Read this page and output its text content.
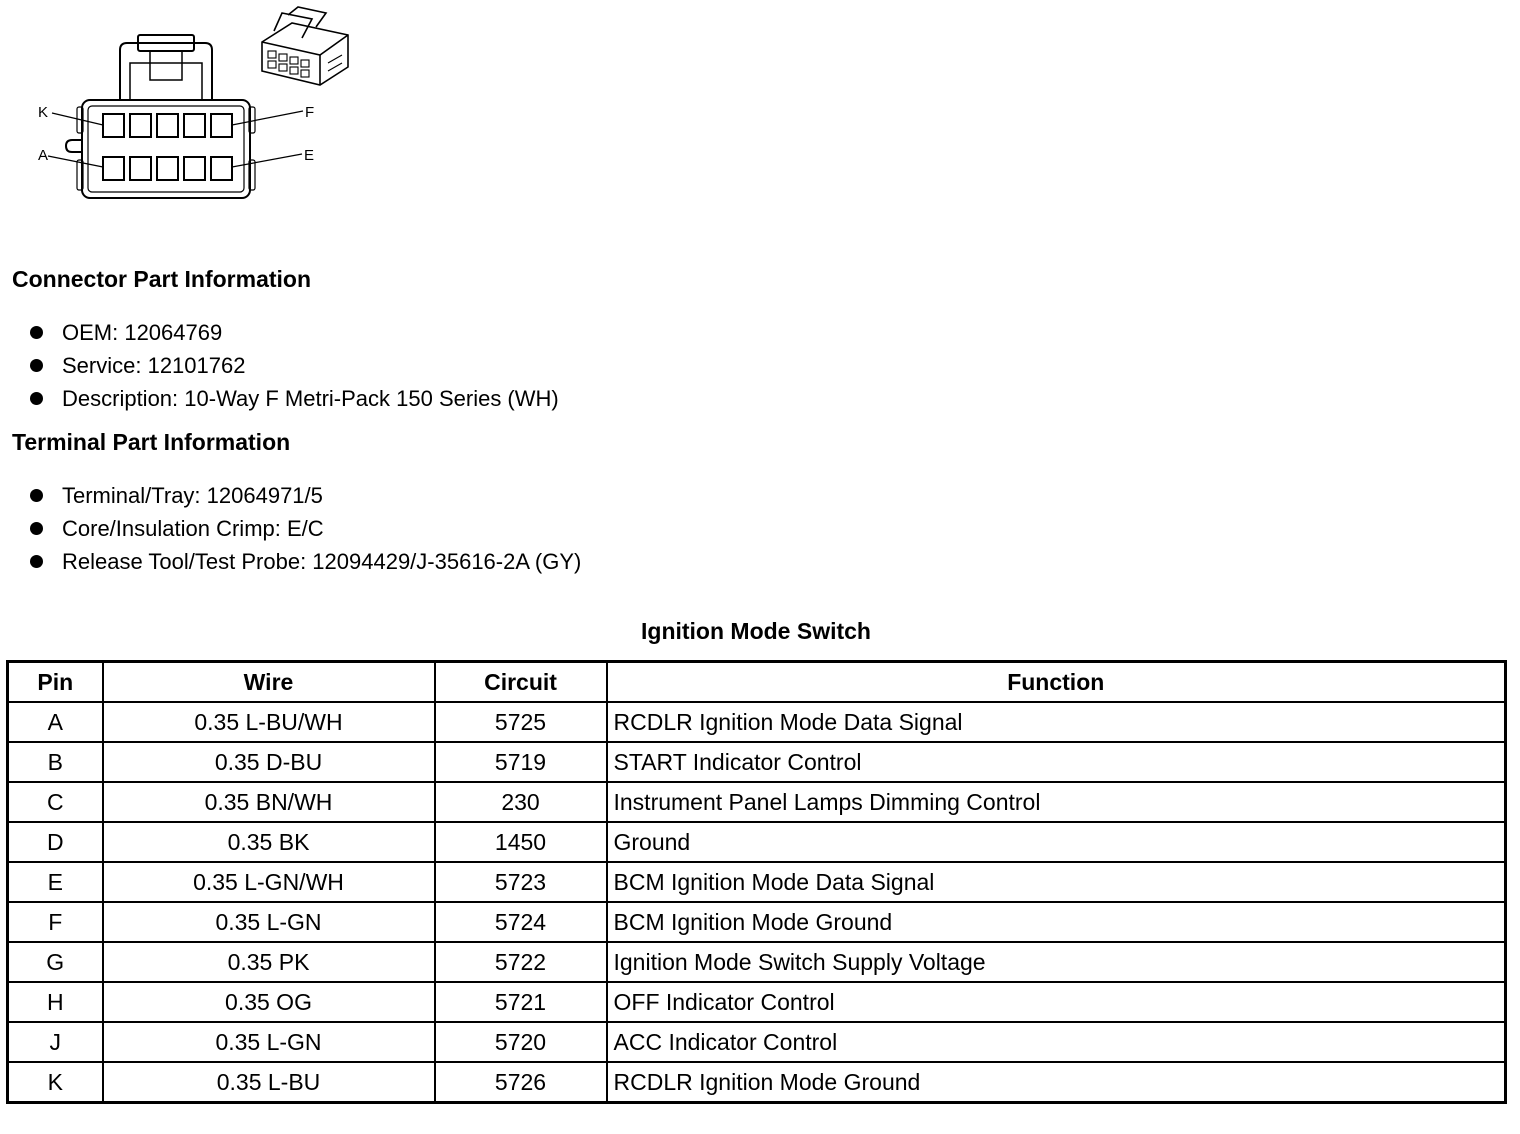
K
A
F
E
Connector Part Information
OEM: 12064769
Service: 12101762
Description: 10-Way F Metri-Pack 150 Series (WH)
Terminal Part Information
Terminal/Tray: 12064971/5
Core/Insulation Crimp: E/C
Release Tool/Test Probe: 12094429/J-35616-2A (GY)
Ignition Mode Switch
Pin	Wire	Circuit	Function
A	0.35 L-BU/WH	5725	RCDLR Ignition Mode Data Signal
B	0.35 D-BU	5719	START Indicator Control
C	0.35 BN/WH	230	Instrument Panel Lamps Dimming Control
D	0.35 BK	1450	Ground
E	0.35 L-GN/WH	5723	BCM Ignition Mode Data Signal
F	0.35 L-GN	5724	BCM Ignition Mode Ground
G	0.35 PK	5722	Ignition Mode Switch Supply Voltage
H	0.35 OG	5721	OFF Indicator Control
J	0.35 L-GN	5720	ACC Indicator Control
K	0.35 L-BU	5726	RCDLR Ignition Mode Ground
